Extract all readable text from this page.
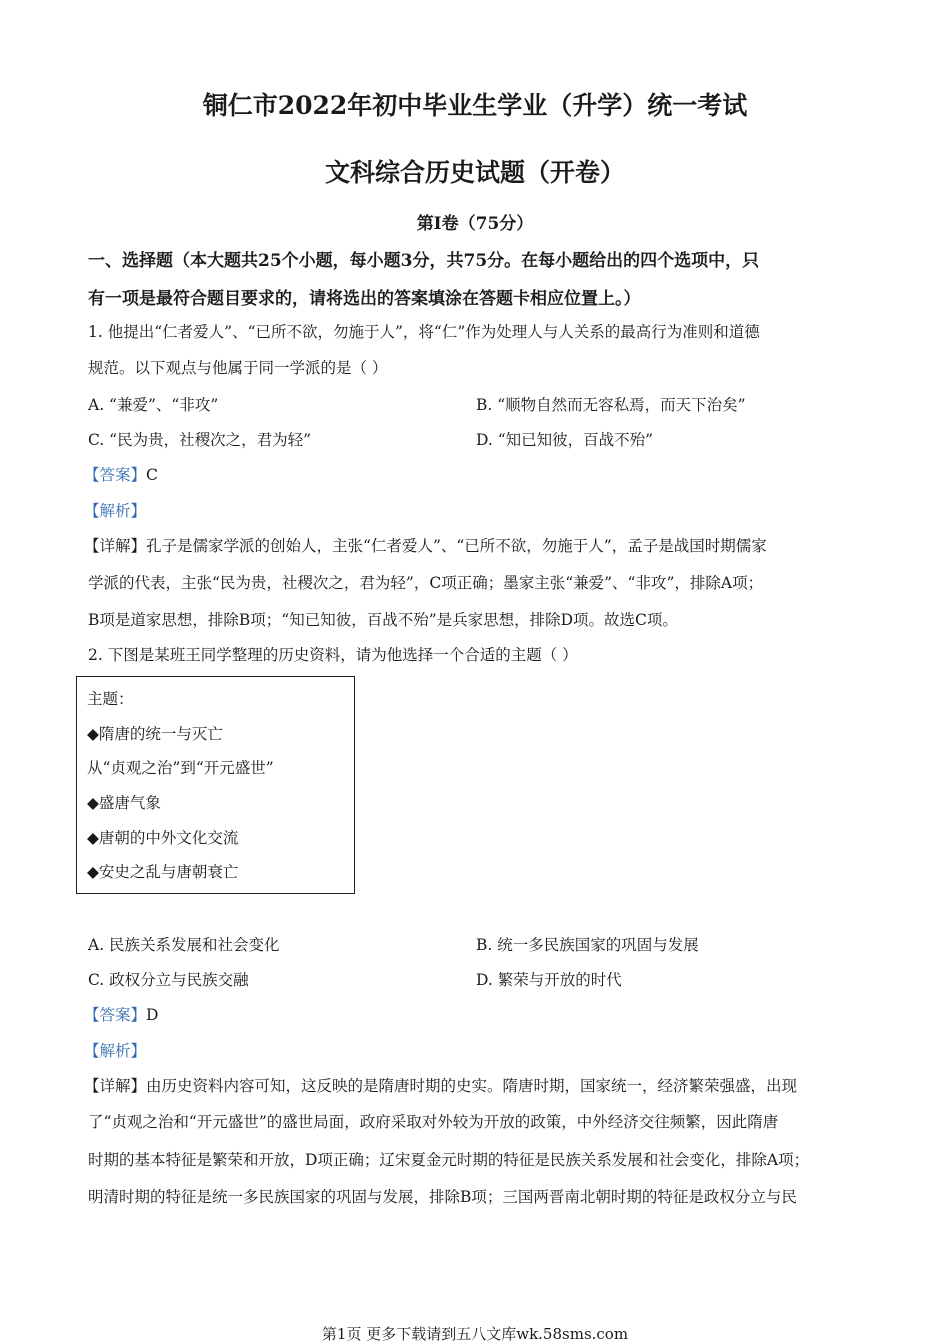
铜仁市2022年初中毕业生学业（升学）统一考试
文科综合历史试题（开卷）
第I卷（75分）
一、选择题（本大题共25个小题，每小题3分，共75分。在每小题给出的四个选项中，只
有一项是最符合题目要求的，请将选出的答案填涂在答题卡相应位置上。）
1. 他提出“仁者爱人”、“已所不欲，勿施于人”，将“仁”作为处理人与人关系的最高行为准则和道德
规范。以下观点与他属于同一学派的是（ ）
A. “兼爱”、“非攻”	B. “顺物自然而无容私焉，而天下治矣”
C. “民为贵，社稷次之，君为轻”	D. “知已知彼，百战不殆”
【答案】C
【解析】
【详解】孔子是儒家学派的创始人，主张“仁者爱人”、“已所不欲，勿施于人”，孟子是战国时期儒家
学派的代表，主张“民为贵，社稷次之，君为轻”，C项正确；墨家主张“兼爱”、“非攻”，排除A项；
B项是道家思想，排除B项；“知已知彼，百战不殆”是兵家思想，排除D项。故选C项。
2. 下图是某班王同学整理的历史资料，请为他选择一个合适的主题（ ）
主题：
◆隋唐的统一与灭亡
从“贞观之治”到“开元盛世”
◆盛唐气象
◆唐朝的中外文化交流
◆安史之乱与唐朝衰亡
A. 民族关系发展和社会变化	B. 统一多民族国家的巩固与发展
C. 政权分立与民族交融	D. 繁荣与开放的时代
【答案】D
【解析】
【详解】由历史资料内容可知，这反映的是隋唐时期的史实。隋唐时期，国家统一，经济繁荣强盛，出现
了“贞观之治和“开元盛世”的盛世局面，政府采取对外较为开放的政策，中外经济交往频繁，因此隋唐
时期的基本特征是繁荣和开放，D项正确；辽宋夏金元时期的特征是民族关系发展和社会变化，排除A项；
明清时期的特征是统一多民族国家的巩固与发展，排除B项；三国两晋南北朝时期的特征是政权分立与民
第1页 更多下载请到五八文库wk.58sms.com
